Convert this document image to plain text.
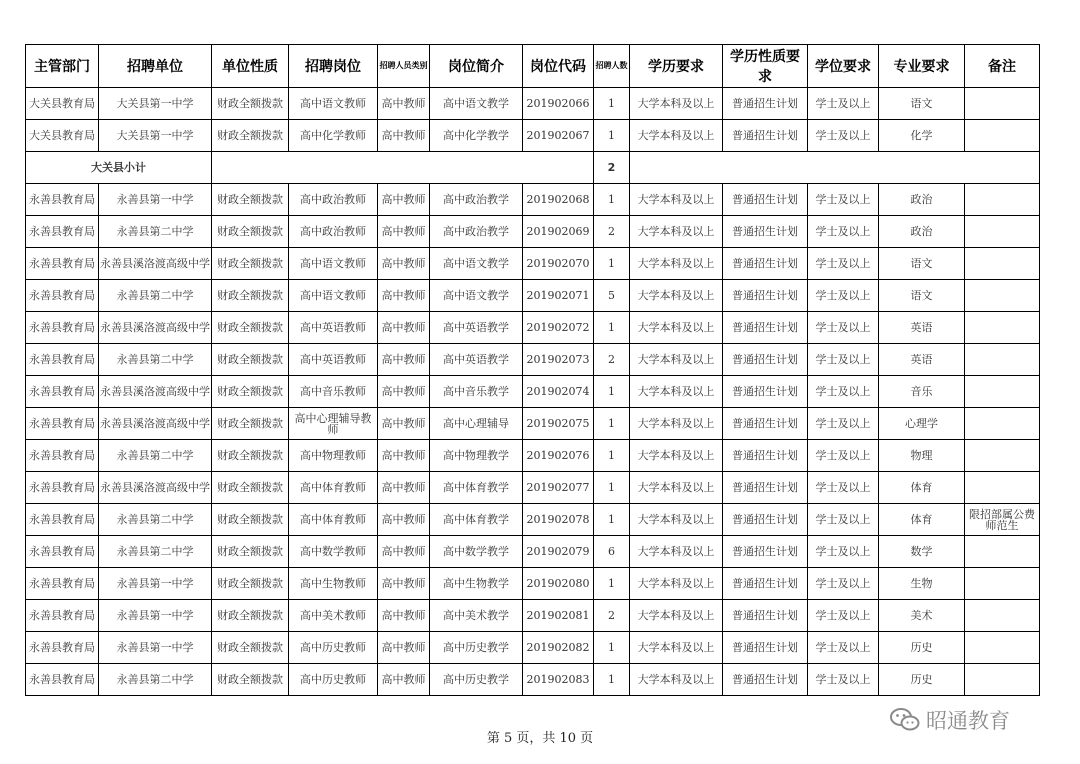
主管部门	招聘单位	单位性质	招聘岗位	招聘人员类别	岗位简介	岗位代码	招聘人数	学历要求	学历性质要求	学位要求	专业要求	备注
大关县教育局	大关县第一中学	财政全额拨款	高中语文教师	高中教师	高中语文教学	201902066	1	大学本科及以上	普通招生计划	学士及以上	语文	
大关县教育局	大关县第一中学	财政全额拨款	高中化学教师	高中教师	高中化学教学	201902067	1	大学本科及以上	普通招生计划	学士及以上	化学	
大关县小计							2					
永善县教育局	永善县第一中学	财政全额拨款	高中政治教师	高中教师	高中政治教学	201902068	1	大学本科及以上	普通招生计划	学士及以上	政治	
永善县教育局	永善县第二中学	财政全额拨款	高中政治教师	高中教师	高中政治教学	201902069	2	大学本科及以上	普通招生计划	学士及以上	政治	
永善县教育局	永善县溪洛渡高级中学	财政全额拨款	高中语文教师	高中教师	高中语文教学	201902070	1	大学本科及以上	普通招生计划	学士及以上	语文	
永善县教育局	永善县第二中学	财政全额拨款	高中语文教师	高中教师	高中语文教学	201902071	5	大学本科及以上	普通招生计划	学士及以上	语文	
永善县教育局	永善县溪洛渡高级中学	财政全额拨款	高中英语教师	高中教师	高中英语教学	201902072	1	大学本科及以上	普通招生计划	学士及以上	英语	
永善县教育局	永善县第二中学	财政全额拨款	高中英语教师	高中教师	高中英语教学	201902073	2	大学本科及以上	普通招生计划	学士及以上	英语	
永善县教育局	永善县溪洛渡高级中学	财政全额拨款	高中音乐教师	高中教师	高中音乐教学	201902074	1	大学本科及以上	普通招生计划	学士及以上	音乐	
永善县教育局	永善县溪洛渡高级中学	财政全额拨款	高中心理辅导教师	高中教师	高中心理辅导	201902075	1	大学本科及以上	普通招生计划	学士及以上	心理学	
永善县教育局	永善县第二中学	财政全额拨款	高中物理教师	高中教师	高中物理教学	201902076	1	大学本科及以上	普通招生计划	学士及以上	物理	
永善县教育局	永善县溪洛渡高级中学	财政全额拨款	高中体育教师	高中教师	高中体育教学	201902077	1	大学本科及以上	普通招生计划	学士及以上	体育	
永善县教育局	永善县第二中学	财政全额拨款	高中体育教师	高中教师	高中体育教学	201902078	1	大学本科及以上	普通招生计划	学士及以上	体育	限招部属公费师范生
永善县教育局	永善县第二中学	财政全额拨款	高中数学教师	高中教师	高中数学教学	201902079	6	大学本科及以上	普通招生计划	学士及以上	数学	
永善县教育局	永善县第一中学	财政全额拨款	高中生物教师	高中教师	高中生物教学	201902080	1	大学本科及以上	普通招生计划	学士及以上	生物	
永善县教育局	永善县第一中学	财政全额拨款	高中美术教师	高中教师	高中美术教学	201902081	2	大学本科及以上	普通招生计划	学士及以上	美术	
永善县教育局	永善县第一中学	财政全额拨款	高中历史教师	高中教师	高中历史教学	201902082	1	大学本科及以上	普通招生计划	学士及以上	历史	
永善县教育局	永善县第二中学	财政全额拨款	高中历史教师	高中教师	高中历史教学	201902083	1	大学本科及以上	普通招生计划	学士及以上	历史	
第 5 页，共 10 页
昭通教育
